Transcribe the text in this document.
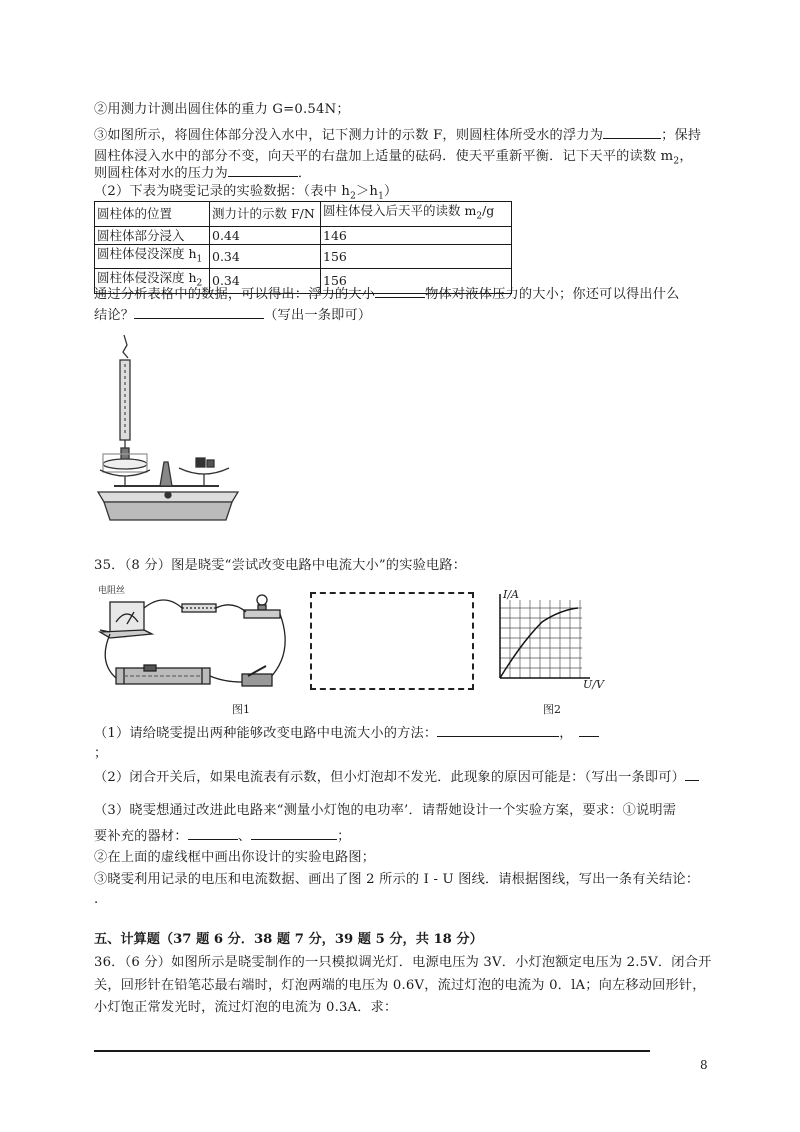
②用测力计测出圆住体的重力 G=0.54N；
③如图所示，将圆住体部分没入水中，记下测力计的示数 F，则圆柱体所受水的浮力为	；保持
圆柱体浸入水中的部分不变，向天平的右盘加上适量的砝码．使天平重新平衡．记下天平的读数 $m_2$，
则圆柱体对水的压力为	．
（2）下表为晓雯记录的实验数据：（表中 $h_2>h_1$）
圆柱体的位置	测力计的示数 F/N	圆柱体侵入后天平的读数 $m_2/g$
圆柱体部分浸入	0.44	146
圆柱体侵没深度 $h_1$	0.34	156
圆柱体侵没深度 $h_2$	0.34	156
通过分析表格中的数据，可以得出：浮力的大小	物体对液体压力的大小；你还可以得出什么
结论？	（写出一条即可）
35．（8 分）图是晓雯“尝试改变电路中电流大小”的实验电路：
电阻丝
图1
I/A
U/V
图2
（1）请给晓雯提出两种能够改变电路中电流大小的方法：	，
；
（2）闭合开关后，如果电流表有示数，但小灯泡却不发光．此现象的原因可能是：（写出一条即可）
（3）晓雯想通过改进此电路来“测量小灯饱的电功率’．请帮她设计一个实验方案，要求：①说明需
要补充的器材：	、	；
②在上面的虚线框中画出你设计的实验电路图；
③晓雯利用记录的电压和电流数据、画出了图 2 所示的 I - U 图线．请根据图线，写出一条有关结论：
.
五、计算题（37 题 6 分．38 题 7 分，39 题 5 分，共 18 分）
36．（6 分）如图所示是晓雯制作的一只模拟调光灯．电源电压为 3V．小灯泡额定电压为 2.5V．闭合开
关，回形针在铅笔芯最右端时，灯泡两端的电压为 0.6V，流过灯泡的电流为 0．lA；向左移动回形针，
小灯饱正常发光时，流过灯泡的电流为 0.3A．求：
8
